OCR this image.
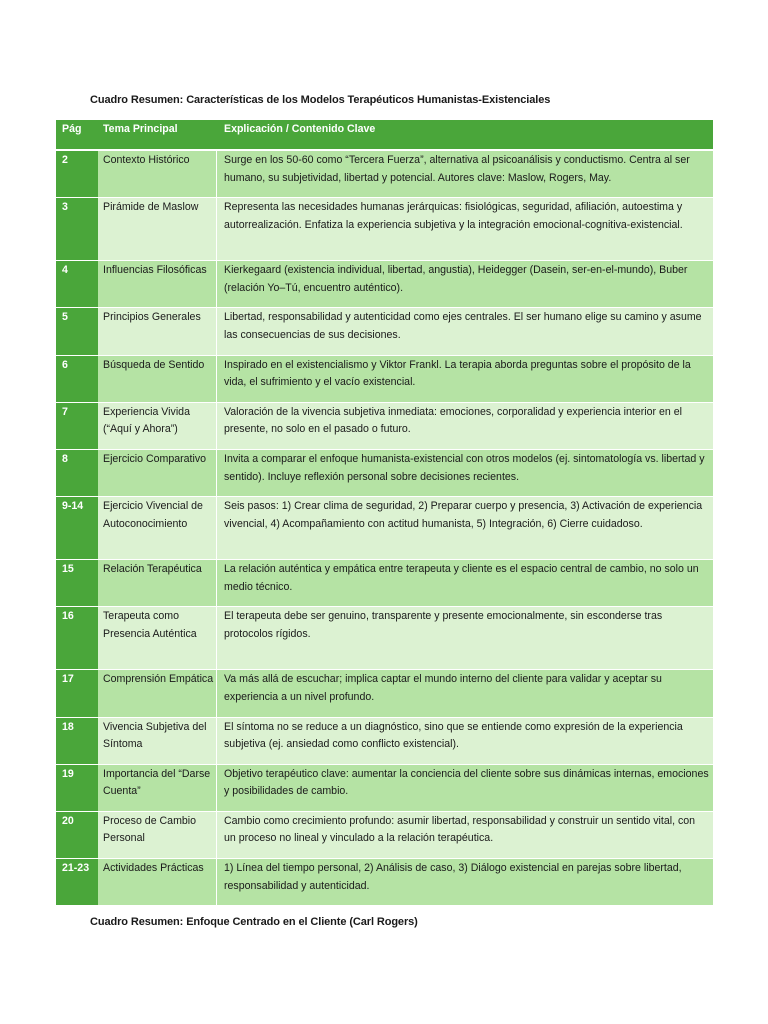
Cuadro Resumen: Características de los Modelos Terapéuticos Humanistas-Existenciales
Pág	Tema Principal	Explicación / Contenido Clave
2	Contexto Histórico	Surge en los 50-60 como “Tercera Fuerza”, alternativa al psicoanálisis y conductismo. Centra al ser humano, su subjetividad, libertad y potencial. Autores clave: Maslow, Rogers, May.
3	Pirámide de Maslow	Representa las necesidades humanas jerárquicas: fisiológicas, seguridad, afiliación, autoestima y autorrealización. Enfatiza la experiencia subjetiva y la integración emocional-cognitiva-existencial.
4	Influencias Filosóficas	Kierkegaard (existencia individual, libertad, angustia), Heidegger (Dasein, ser-en-el-mundo), Buber (relación Yo–Tú, encuentro auténtico).
5	Principios Generales	Libertad, responsabilidad y autenticidad como ejes centrales. El ser humano elige su camino y asume las consecuencias de sus decisiones.
6	Búsqueda de Sentido	Inspirado en el existencialismo y Viktor Frankl. La terapia aborda preguntas sobre el propósito de la vida, el sufrimiento y el vacío existencial.
7	Experiencia Vivida (“Aquí y Ahora”)	Valoración de la vivencia subjetiva inmediata: emociones, corporalidad y experiencia interior en el presente, no solo en el pasado o futuro.
8	Ejercicio Comparativo	Invita a comparar el enfoque humanista-existencial con otros modelos (ej. sintomatología vs. libertad y sentido). Incluye reflexión personal sobre decisiones recientes.
9-14	Ejercicio Vivencial de Autoconocimiento	Seis pasos: 1) Crear clima de seguridad, 2) Preparar cuerpo y presencia, 3) Activación de experiencia vivencial, 4) Acompañamiento con actitud humanista, 5) Integración, 6) Cierre cuidadoso.
15	Relación Terapéutica	La relación auténtica y empática entre terapeuta y cliente es el espacio central de cambio, no solo un medio técnico.
16	Terapeuta como Presencia Auténtica	El terapeuta debe ser genuino, transparente y presente emocionalmente, sin esconderse tras protocolos rígidos.
17	Comprensión Empática	Va más allá de escuchar; implica captar el mundo interno del cliente para validar y aceptar su experiencia a un nivel profundo.
18	Vivencia Subjetiva del Síntoma	El síntoma no se reduce a un diagnóstico, sino que se entiende como expresión de la experiencia subjetiva (ej. ansiedad como conflicto existencial).
19	Importancia del “Darse Cuenta”	Objetivo terapéutico clave: aumentar la conciencia del cliente sobre sus dinámicas internas, emociones y posibilidades de cambio.
20	Proceso de Cambio Personal	Cambio como crecimiento profundo: asumir libertad, responsabilidad y construir un sentido vital, con un proceso no lineal y vinculado a la relación terapéutica.
21-23	Actividades Prácticas	1) Línea del tiempo personal, 2) Análisis de caso, 3) Diálogo existencial en parejas sobre libertad, responsabilidad y autenticidad.
Cuadro Resumen: Enfoque Centrado en el Cliente (Carl Rogers)
